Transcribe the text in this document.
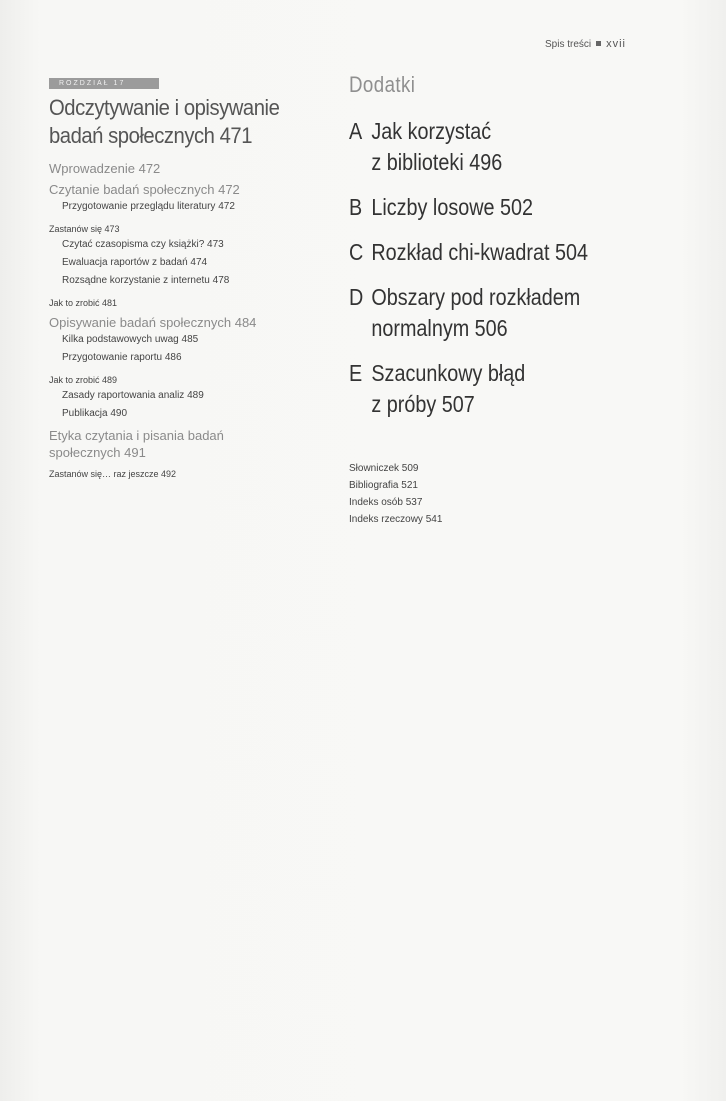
Spis treści xvii
ROZDZIAŁ 17
Odczytywanie i opisywanie
badań społecznych 471
Wprowadzenie 472
Czytanie badań społecznych 472
Przygotowanie przeglądu literatury 472
Zastanów się 473
Czytać czasopisma czy książki? 473
Ewaluacja raportów z badań 474
Rozsądne korzystanie z internetu 478
Jak to zrobić 481
Opisywanie badań społecznych 484
Kilka podstawowych uwag 485
Przygotowanie raportu 486
Jak to zrobić 489
Zasady raportowania analiz 489
Publikacja 490
Etyka czytania i pisania badań
społecznych 491
Zastanów się… raz jeszcze 492
Dodatki
A Jak korzystać
z biblioteki 496
B Liczby losowe 502
C Rozkład chi-kwadrat 504
D Obszary pod rozkładem
normalnym 506
E Szacunkowy błąd
z próby 507
Słowniczek 509
Bibliografia 521
Indeks osób 537
Indeks rzeczowy 541
